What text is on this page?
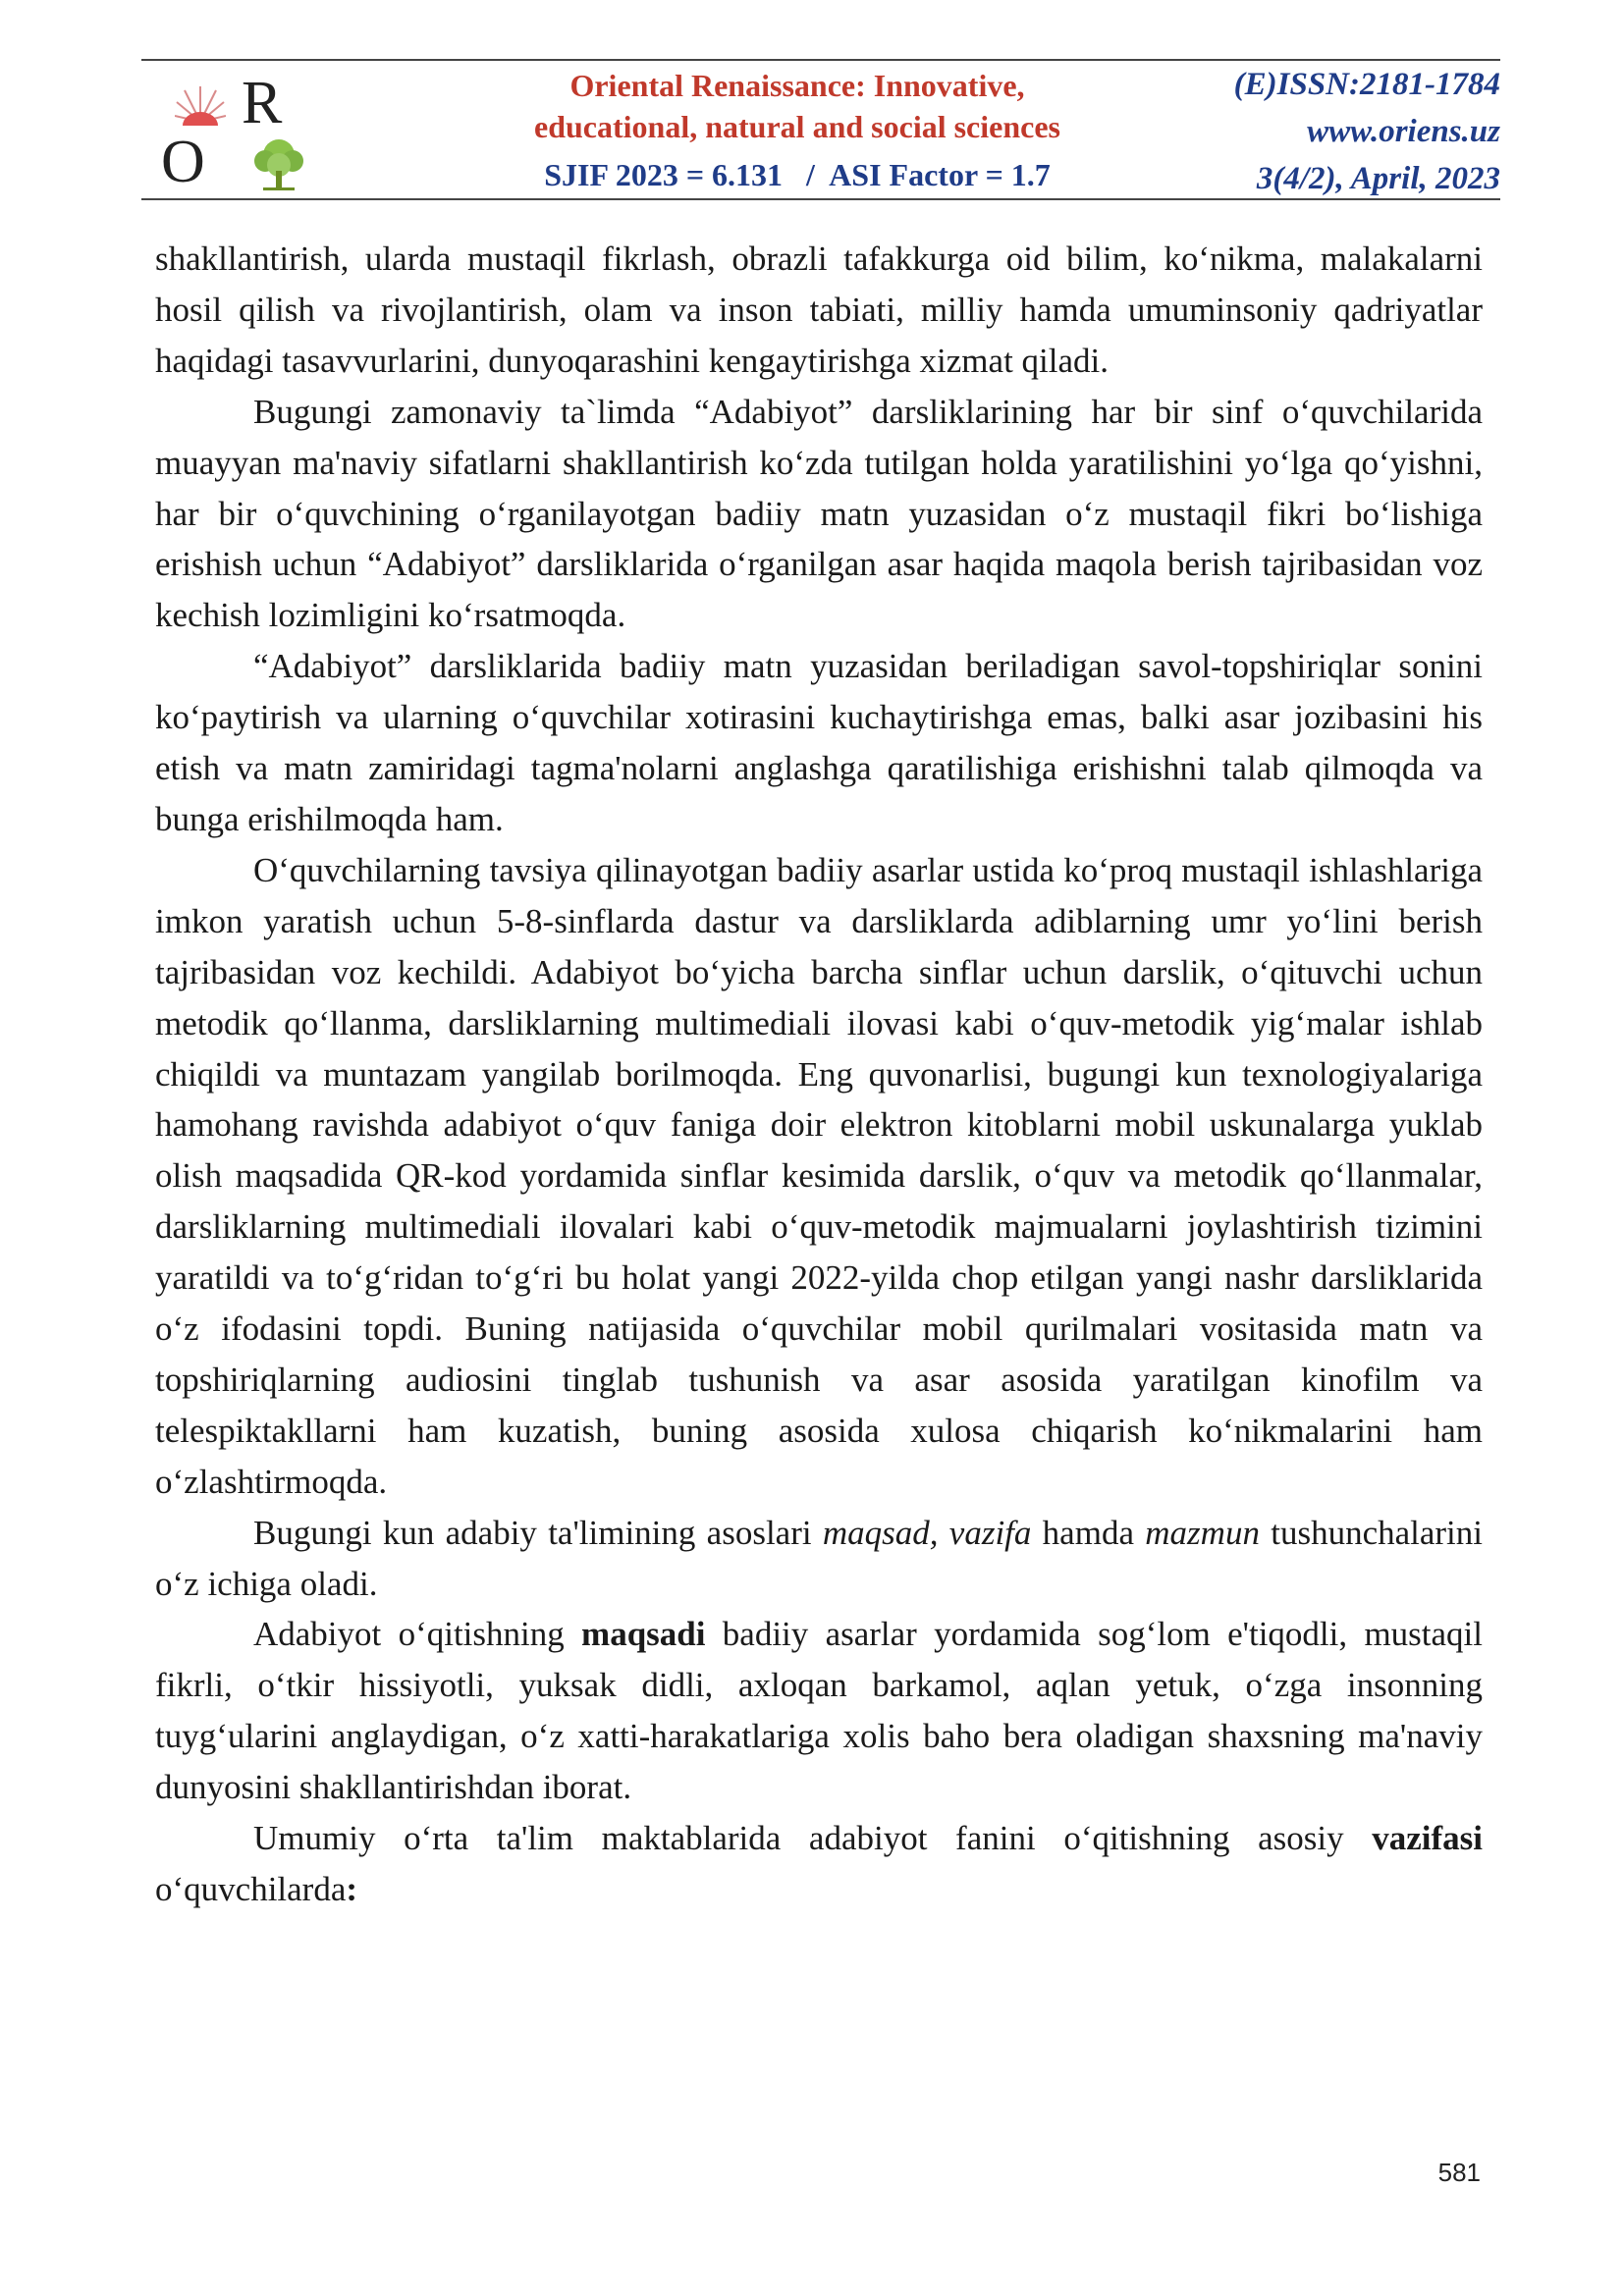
R
O
Oriental Renaissance: Innovative,
educational, natural and social sciences
SJIF 2023 = 6.131   /  ASI Factor = 1.7
(E)ISSN:2181-1784
www.oriens.uz
3(4/2), April, 2023

shakllantirish, ularda mustaqil fikrlash, obrazli tafakkurga oid bilim, ko‘nikma, malakalarni hosil qilish va rivojlantirish, olam va inson tabiati, milliy hamda umuminsoniy qadriyatlar haqidagi tasavvurlarini, dunyoqarashini kengaytirishga xizmat qiladi.

Bugungi zamonaviy ta`limda “Adabiyot” darsliklarining har bir sinf o‘quvchilarida muayyan ma'naviy sifatlarni shakllantirish ko‘zda tutilgan holda yaratilishini yo‘lga qo‘yishni, har bir o‘quvchining o‘rganilayotgan badiiy matn yuzasidan o‘z mustaqil fikri bo‘lishiga erishish uchun “Adabiyot” darsliklarida o‘rganilgan asar haqida maqola berish tajribasidan voz kechish lozimligini ko‘rsatmoqda.

“Adabiyot” darsliklarida badiiy matn yuzasidan beriladigan savol-topshiriqlar sonini ko‘paytirish va ularning o‘quvchilar xotirasini kuchaytirishga emas, balki asar jozibasini his etish va matn zamiridagi tagma'nolarni anglashga qaratilishiga erishishni talab qilmoqda va bunga erishilmoqda ham.

O‘quvchilarning tavsiya qilinayotgan badiiy asarlar ustida ko‘proq mustaqil ishlashlariga imkon yaratish uchun 5-8-sinflarda dastur va darsliklarda adiblarning umr yo‘lini berish tajribasidan voz kechildi. Adabiyot bo‘yicha barcha sinflar uchun darslik, o‘qituvchi uchun metodik qo‘llanma, darsliklarning multimediali ilovasi kabi o‘quv-metodik yig‘malar ishlab chiqildi va muntazam yangilab borilmoqda. Eng quvonarlisi, bugungi kun texnologiyalariga hamohang ravishda adabiyot o‘quv faniga doir elektron kitoblarni mobil uskunalarga yuklab olish maqsadida QR-kod yordamida sinflar kesimida darslik, o‘quv va metodik qo‘llanmalar, darsliklarning multimediali ilovalari kabi o‘quv-metodik majmualarni joylashtirish tizimini yaratildi va to‘g‘ridan to‘g‘ri bu holat yangi 2022-yilda chop etilgan yangi nashr darsliklarida o‘z ifodasini topdi. Buning natijasida o‘quvchilar mobil qurilmalari vositasida matn va topshiriqlarning audiosini tinglab tushunish va asar asosida yaratilgan kinofilm va telespiktakllarni ham kuzatish, buning asosida xulosa chiqarish ko‘nikmalarini ham o‘zlashtirmoqda.

Bugungi kun adabiy ta'limining asoslari maqsad, vazifa hamda mazmun tushunchalarini o‘z ichiga oladi.

Adabiyot o‘qitishning maqsadi badiiy asarlar yordamida sog‘lom e'tiqodli, mustaqil fikrli, o‘tkir hissiyotli, yuksak didli, axloqan barkamol, aqlan yetuk, o‘zga insonning tuyg‘ularini anglaydigan, o‘z xatti-harakatlariga xolis baho bera oladigan shaxsning ma'naviy dunyosini shakllantirishdan iborat.

Umumiy o‘rta ta'lim maktablarida adabiyot fanini o‘qitishning asosiy vazifasi o‘quvchilarda:

581
